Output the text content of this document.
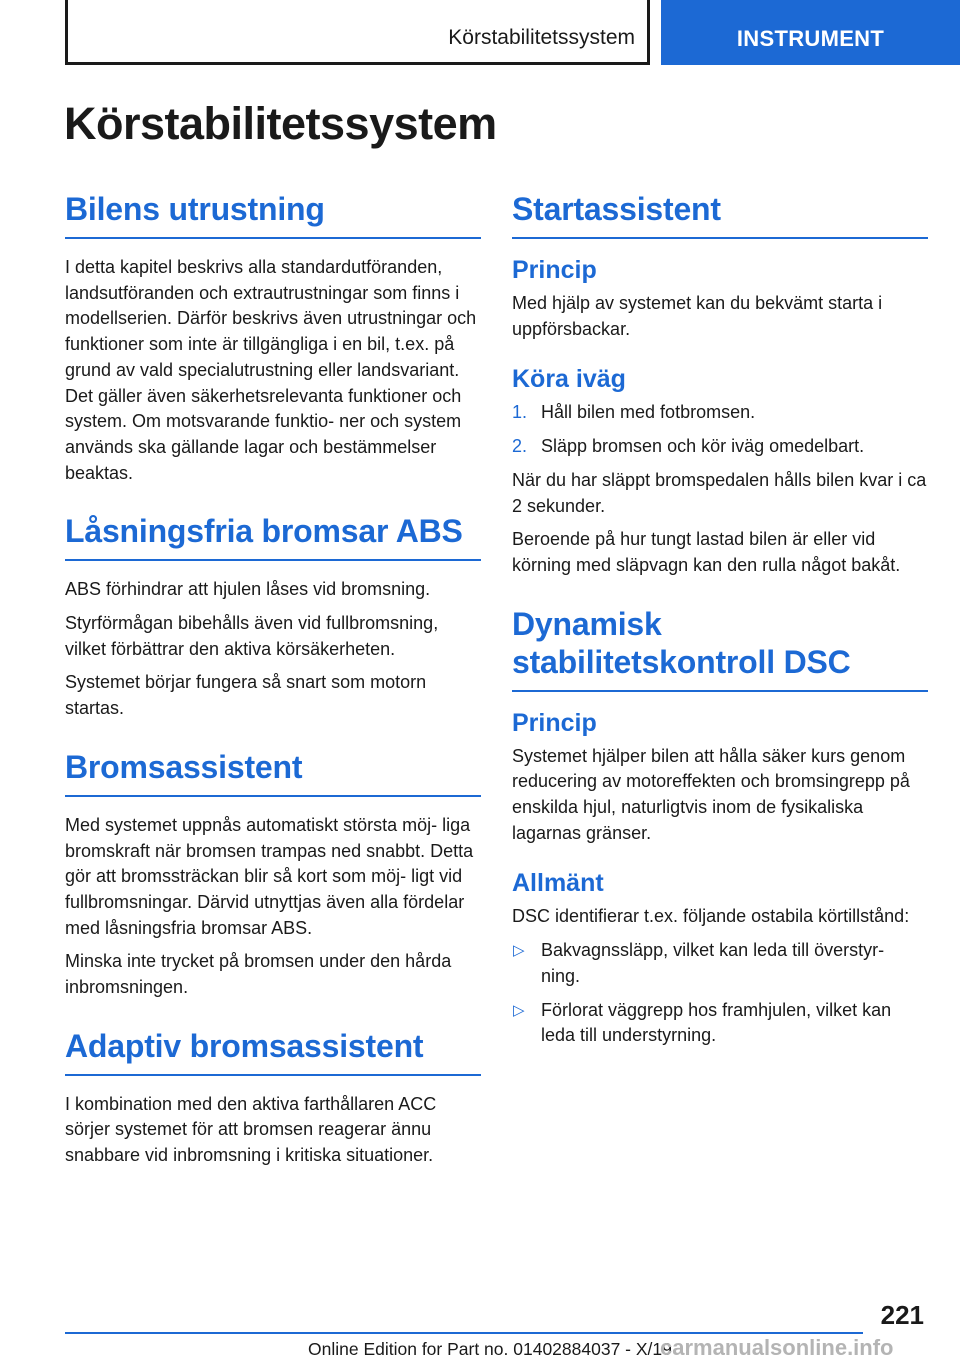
Körstabilitetssystem	INSTRUMENT
Körstabilitetssystem
Bilens utrustning

I detta kapitel beskrivs alla standardutföranden, landsutföranden och extrautrustningar som finns i modellserien. Därför beskrivs även utrustningar och funktioner som inte är tillgängliga i en bil, t.ex. på grund av vald specialutrustning eller landsvariant. Det gäller även säkerhetsrelevanta funktioner och system. Om motsvarande funktio‐ ner och system används ska gällande lagar och bestämmelser beaktas.

Låsningsfria bromsar ABS

ABS förhindrar att hjulen låses vid bromsning.

Styrförmågan bibehålls även vid fullbromsning, vilket förbättrar den aktiva körsäkerheten.

Systemet börjar fungera så snart som motorn startas.

Bromsassistent

Med systemet uppnås automatiskt största möj‐ liga bromskraft när bromsen trampas ned snabbt. Detta gör att bromssträckan blir så kort som möj‐ ligt vid fullbromsningar. Därvid utnyttjas även alla fördelar med låsningsfria bromsar ABS.

Minska inte trycket på bromsen under den hårda inbromsningen.

Adaptiv bromsassistent

I kombination med den aktiva farthållaren ACC sörjer systemet för att bromsen reagerar ännu snabbare vid inbromsning i kritiska situationer.

Startassistent
Princip

Med hjälp av systemet kan du bekvämt starta i uppförsbackar.

Köra iväg
1. Håll bilen med fotbromsen.
2. Släpp bromsen och kör iväg omedelbart.

När du har släppt bromspedalen hålls bilen kvar i ca 2 sekunder.

Beroende på hur tungt lastad bilen är eller vid körning med släpvagn kan den rulla något bakåt.

Dynamisk
stabilitetskontroll DSC
Princip

Systemet hjälper bilen att hålla säker kurs genom reducering av motoreffekten och bromsingrepp på enskilda hjul, naturligtvis inom de fysikaliska lagarnas gränser.

Allmänt

DSC identifierar t.ex. följande ostabila körtillstånd:

▷ Bakvagnssläpp, vilket kan leda till överstyr‐ ning.
▷ Förlorat väggrepp hos framhjulen, vilket kan leda till understyrning.
221
Online Edition for Part no. 01402884037 - X/19
carmanualsonline.info
